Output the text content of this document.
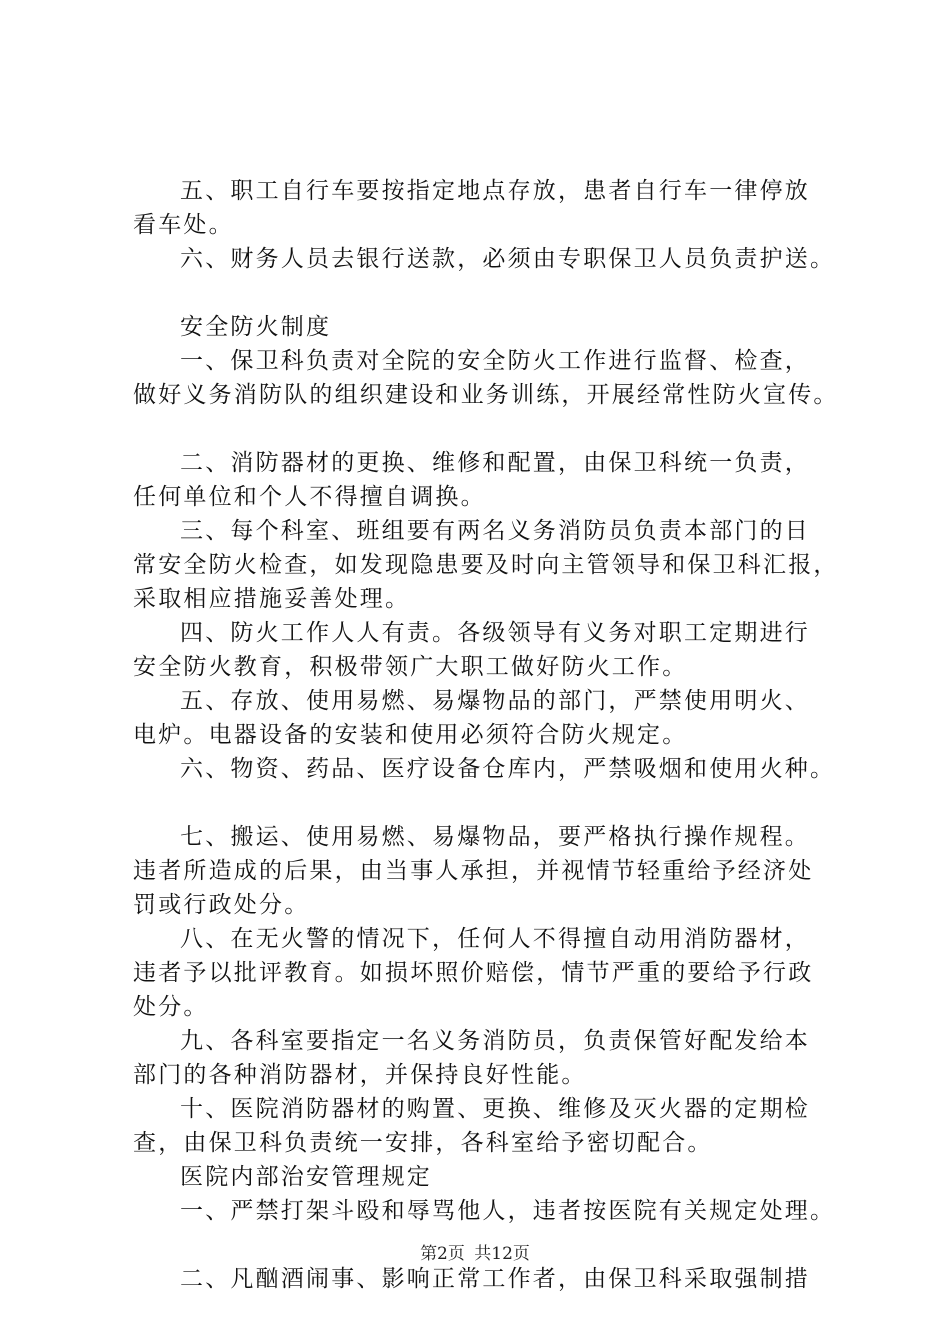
五、职工自行车要按指定地点存放，患者自行车一律停放
看车处。
六、财务人员去银行送款，必须由专职保卫人员负责护送。
安全防火制度
一、保卫科负责对全院的安全防火工作进行监督、检查，
做好义务消防队的组织建设和业务训练，开展经常性防火宣传。
二、消防器材的更换、维修和配置，由保卫科统一负责，
任何单位和个人不得擅自调换。
三、每个科室、班组要有两名义务消防员负责本部门的日
常安全防火检查，如发现隐患要及时向主管领导和保卫科汇报，
采取相应措施妥善处理。
四、防火工作人人有责。各级领导有义务对职工定期进行
安全防火教育，积极带领广大职工做好防火工作。
五、存放、使用易燃、易爆物品的部门，严禁使用明火、
电炉。电器设备的安装和使用必须符合防火规定。
六、物资、药品、医疗设备仓库内，严禁吸烟和使用火种。
七、搬运、使用易燃、易爆物品，要严格执行操作规程。
违者所造成的后果，由当事人承担，并视情节轻重给予经济处
罚或行政处分。
八、在无火警的情况下，任何人不得擅自动用消防器材，
违者予以批评教育。如损坏照价赔偿，情节严重的要给予行政
处分。
九、各科室要指定一名义务消防员，负责保管好配发给本
部门的各种消防器材，并保持良好性能。
十、医院消防器材的购置、更换、维修及灭火器的定期检
查，由保卫科负责统一安排，各科室给予密切配合。
医院内部治安管理规定
一、严禁打架斗殴和辱骂他人，违者按医院有关规定处理。
二、凡酗酒闹事、影响正常工作者，由保卫科采取强制措
第2页 共12页
